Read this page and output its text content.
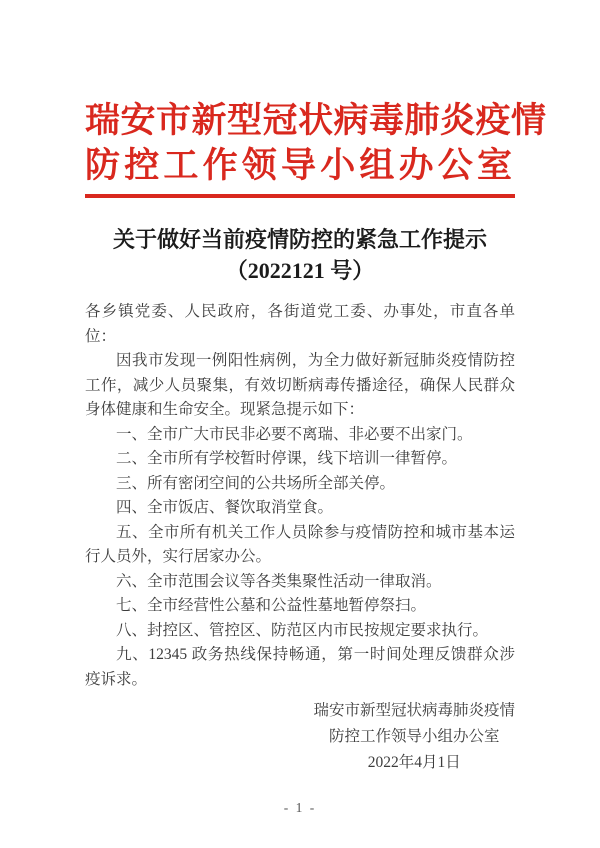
瑞安市新型冠状病毒肺炎疫情
防控工作领导小组办公室
关于做好当前疫情防控的紧急工作提示
（2022121 号）

各乡镇党委、人民政府，各街道党工委、办事处，市直各单位：

因我市发现一例阳性病例，为全力做好新冠肺炎疫情防控工作，减少人员聚集，有效切断病毒传播途径，确保人民群众身体健康和生命安全。现紧急提示如下：

一、全市广大市民非必要不离瑞、非必要不出家门。

二、全市所有学校暂时停课，线下培训一律暂停。

三、所有密闭空间的公共场所全部关停。

四、全市饭店、餐饮取消堂食。

五、全市所有机关工作人员除参与疫情防控和城市基本运行人员外，实行居家办公。

六、全市范围会议等各类集聚性活动一律取消。

七、全市经营性公墓和公益性墓地暂停祭扫。

八、封控区、管控区、防范区内市民按规定要求执行。

九、12345 政务热线保持畅通，第一时间处理反馈群众涉疫诉求。

瑞安市新型冠状病毒肺炎疫情
防控工作领导小组办公室
2022年4月1日
- 1 -
